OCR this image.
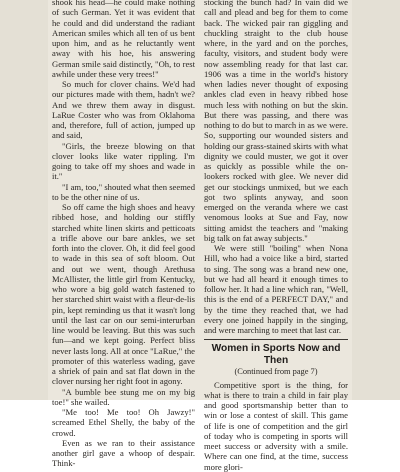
shook his head—he could make nothing of such German. Yet it was evident that he could and did understand the radiant American smiles which all ten of us bent upon him, and as he reluctantly went away with his hoe, his answering German smile said distinctly, "Oh, to rest awhile under these very trees!"

So much for clover chains. We'd had our pictures made with them, hadn't we? And we threw them away in disgust. LaRue Coster who was from Oklahoma and, therefore, full of action, jumped up and said,

"Girls, the breeze blowing on that clover looks like water rippling. I'm going to take off my shoes and wade in it."

"I am, too," shouted what then seemed to be the other nine of us.

So off came the high shoes and heavy ribbed hose, and holding our stiffly starched white linen skirts and petticoats a trifle above our bare ankles, we set forth into the clover. Oh, it did feel good to wade in this sea of soft bloom. Out and out we went, though Arethusa McAllister, the little girl from Kentucky, who wore a big gold watch fastened to her starched shirt waist with a fleur-de-lis pin, kept reminding us that it wasn't long until the last car on our semi-interurban line would be leaving. But this was such fun—and we kept going. Perfect bliss never lasts long. All at once "LaRue," the promoter of this waterless wading, gave a shriek of pain and sat flat down in the clover nursing her right foot in agony.

"A bumble bee stung me on my big toe!" she wailed.

"Me too! Me too! Oh Jawzy!" screamed Ethel Shelly, the baby of the crowd.

Even as we ran to their assistance another girl gave a whoop of despair. Think-

stocking the bunch had? In vain did we call and plead and beg for them to come back. The wicked pair ran giggling and chuckling straight to the club house where, in the yard and on the porches, faculty, visitors, and student body were now assembling ready for that last car. 1906 was a time in the world's history when ladies never thought of exposing ankles clad even in heavy ribbed hose much less with nothing on but the skin. But there was passing, and there was nothing to do but to march in as we were. So, supporting our wounded sisters and holding our grass-stained skirts with what dignity we could muster, we got it over as quickly as possible while the on-lookers rocked with glee. We never did get our stockings unmixed, but we each got two splints anyway, and soon emerged on the veranda where we cast venomous looks at Sue and Fay, now sitting amidst the teachers and "making big talk on fat away subjects."

We were still "boiling" when Nona Hill, who had a voice like a bird, started to sing. The song was a brand new one, but we had all heard it enough times to follow her. It had a line which ran, "Well, this is the end of a PERFECT DAY," and by the time they reached that, we had every one joined happily in the singing, and were marching to meet that last car.

Women in Sports Now and Then
(Continued from page 7)

Competitive sport is the thing, for what is there to train a child in fair play and good sportsmanship better than to win or lose a contest of skill. This game of life is one of competition and the girl of today who is competing in sports will meet success or adversity with a smile. Where can one find, at the time, success more glori-
